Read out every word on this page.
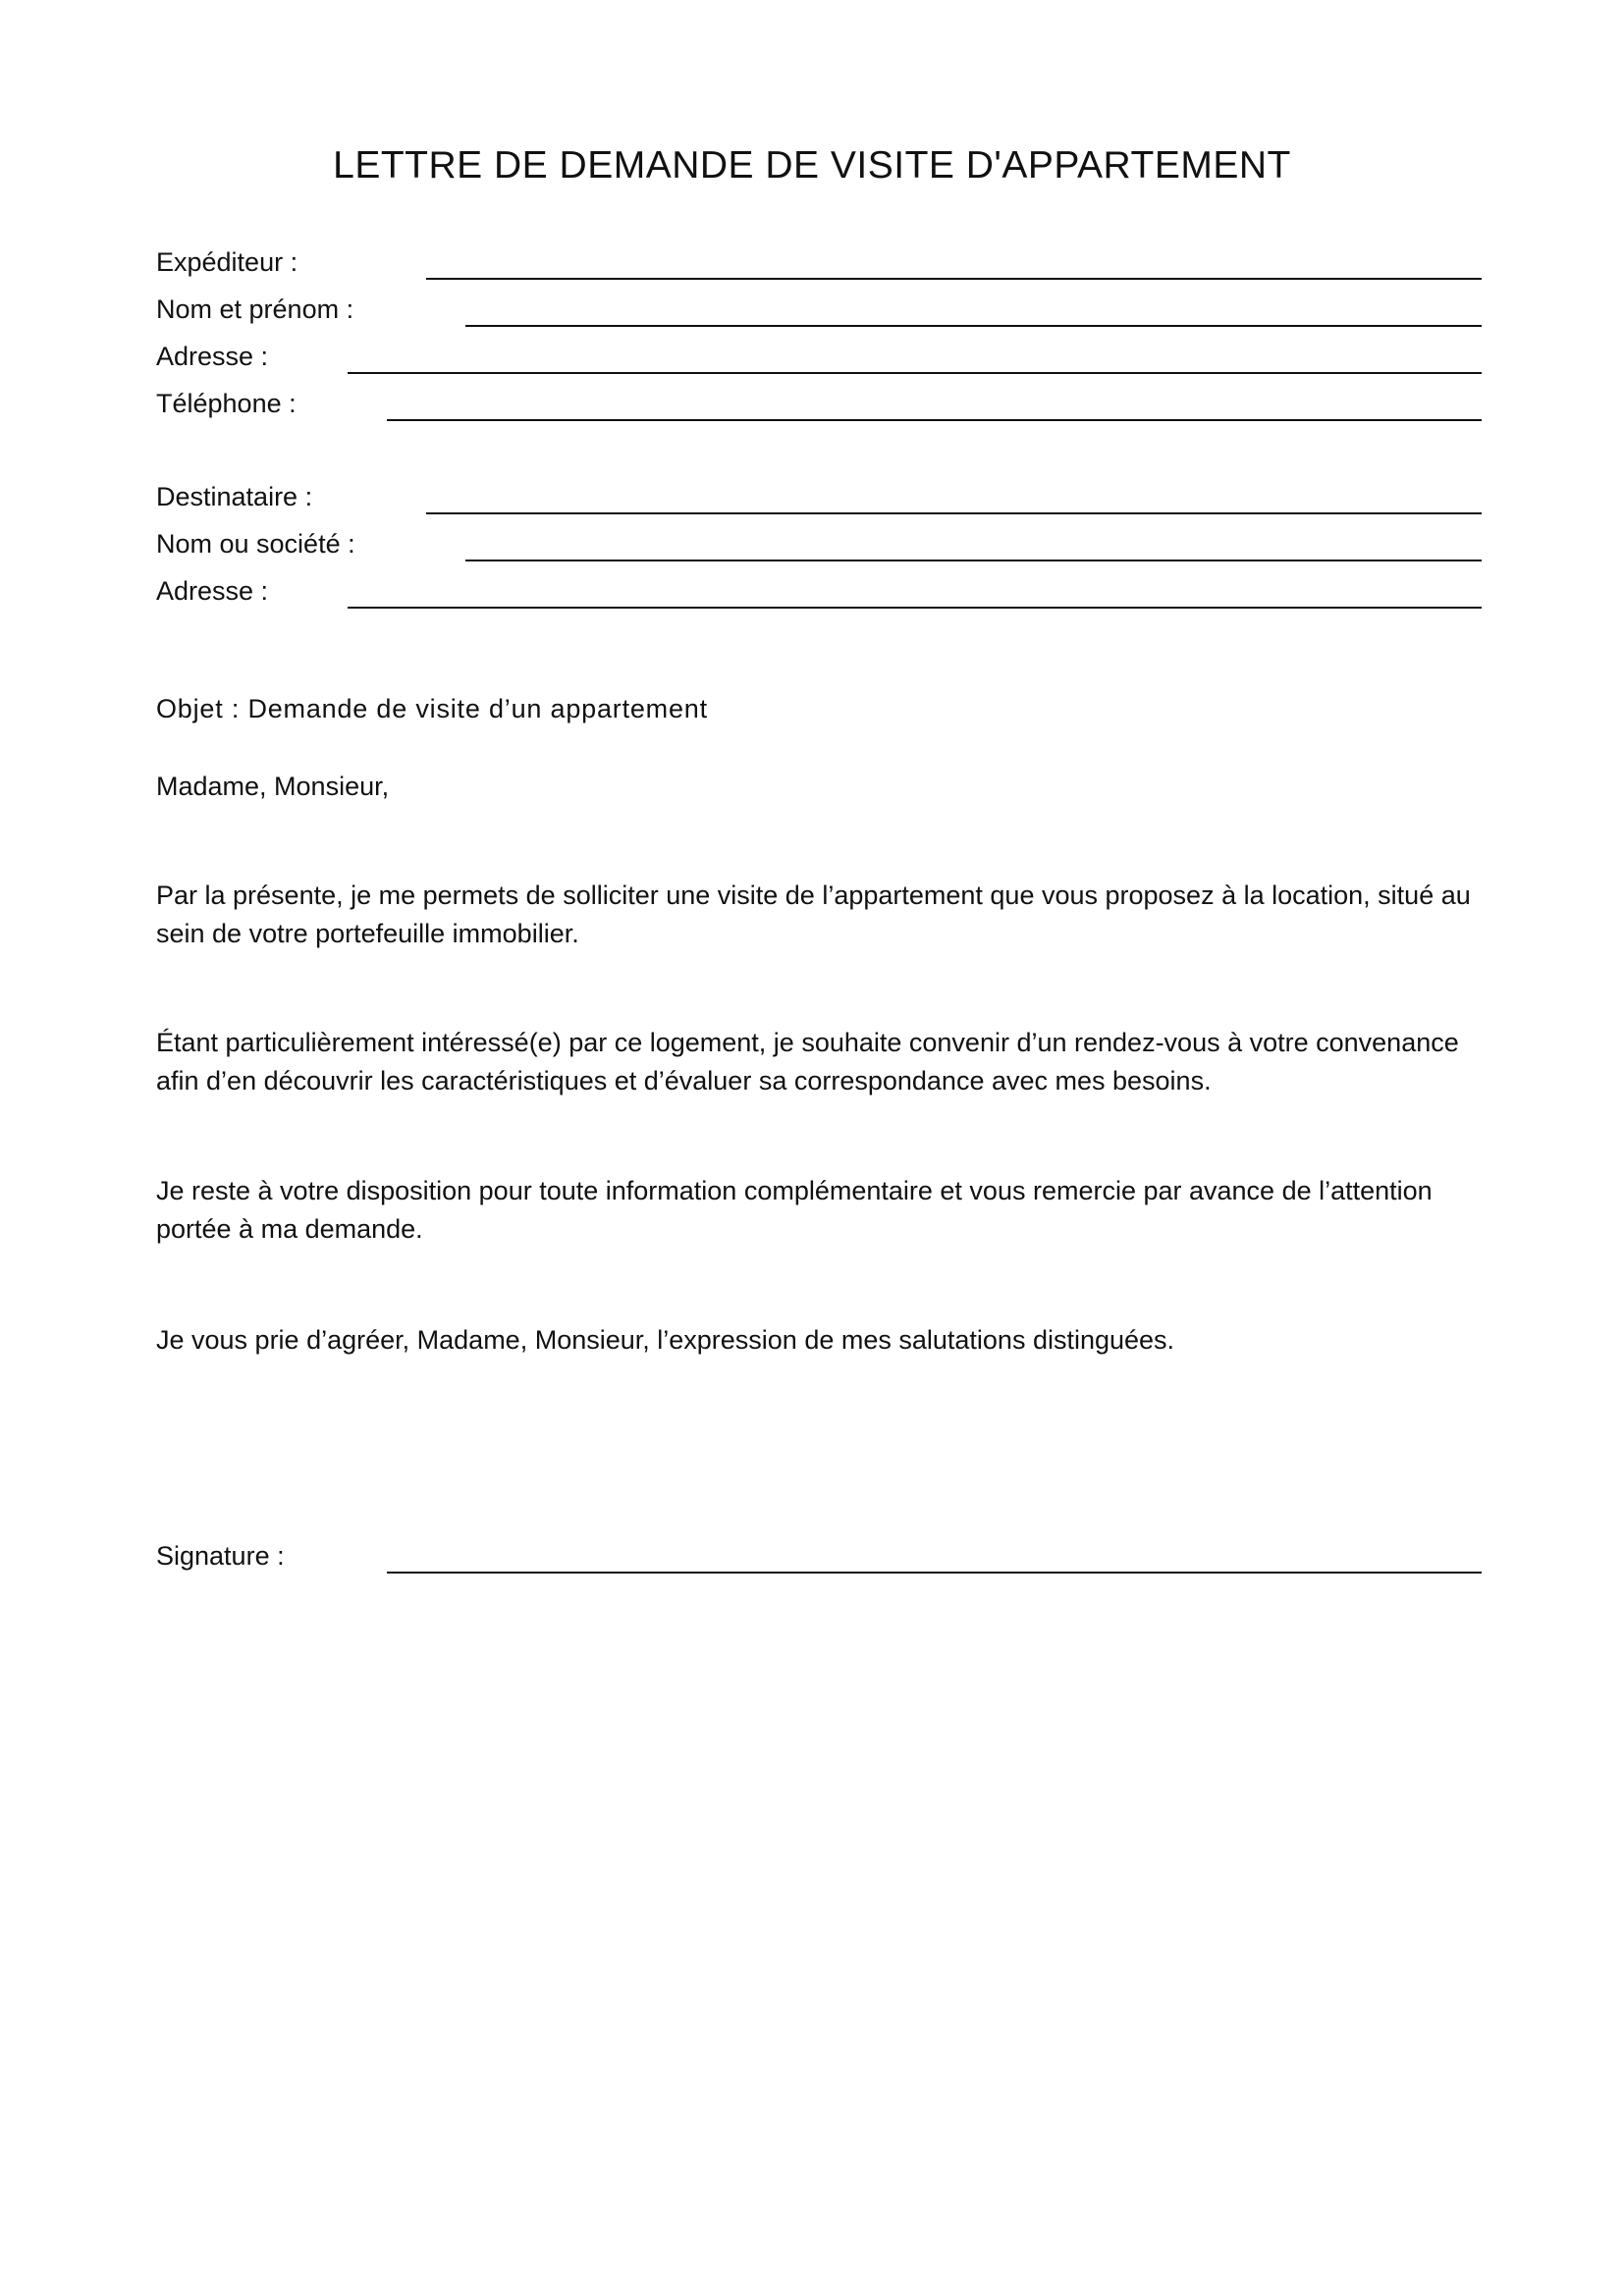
LETTRE DE DEMANDE DE VISITE D'APPARTEMENT
Expéditeur :
Nom et prénom :
Adresse :
Téléphone :
Destinataire :
Nom ou société :
Adresse :
Objet : Demande de visite d’un appartement
Madame, Monsieur,
Par la présente, je me permets de solliciter une visite de l’appartement que vous proposez à la location, situé au sein de votre portefeuille immobilier.
Étant particulièrement intéressé(e) par ce logement, je souhaite convenir d’un rendez-vous à votre convenance afin d’en découvrir les caractéristiques et d’évaluer sa correspondance avec mes besoins.
Je reste à votre disposition pour toute information complémentaire et vous remercie par avance de l’attention portée à ma demande.
Je vous prie d’agréer, Madame, Monsieur, l’expression de mes salutations distinguées.
Signature :
